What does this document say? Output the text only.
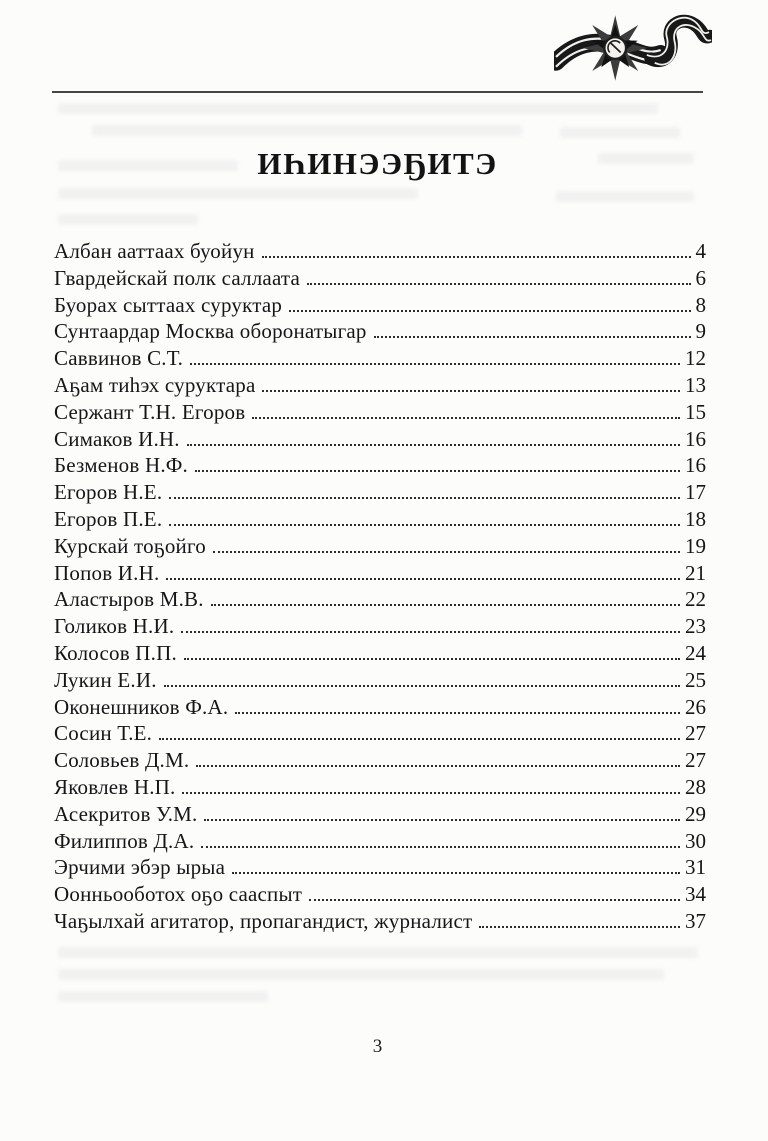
ИҺИНЭЭҔИТЭ
Албан ааттаах буойун	4
Гвардейскай полк саллаата	6
Буорах сыттаах суруктар	8
Сунтаардар Москва оборонатыгар	9
Саввинов С.Т.	12
Аҕам тиһэх суруктара	13
Сержант Т.Н. Егоров	15
Симаков И.Н.	16
Безменов Н.Ф.	16
Егоров Н.Е.	17
Егоров П.Е.	18
Курскай тоҕойго	19
Попов И.Н.	21
Аластыров М.В.	22
Голиков Н.И.	23
Колосов П.П.	24
Лукин Е.И.	25
Оконешников Ф.А.	26
Сосин Т.Е.	27
Соловьев Д.М.	27
Яковлев Н.П.	28
Асекритов У.М.	29
Филиппов Д.А.	30
Эрчими эбэр ырыа	31
Оонньооботох оҕо сааспыт	34
Чаҕылхай агитатор, пропагандист, журналист	37
3
